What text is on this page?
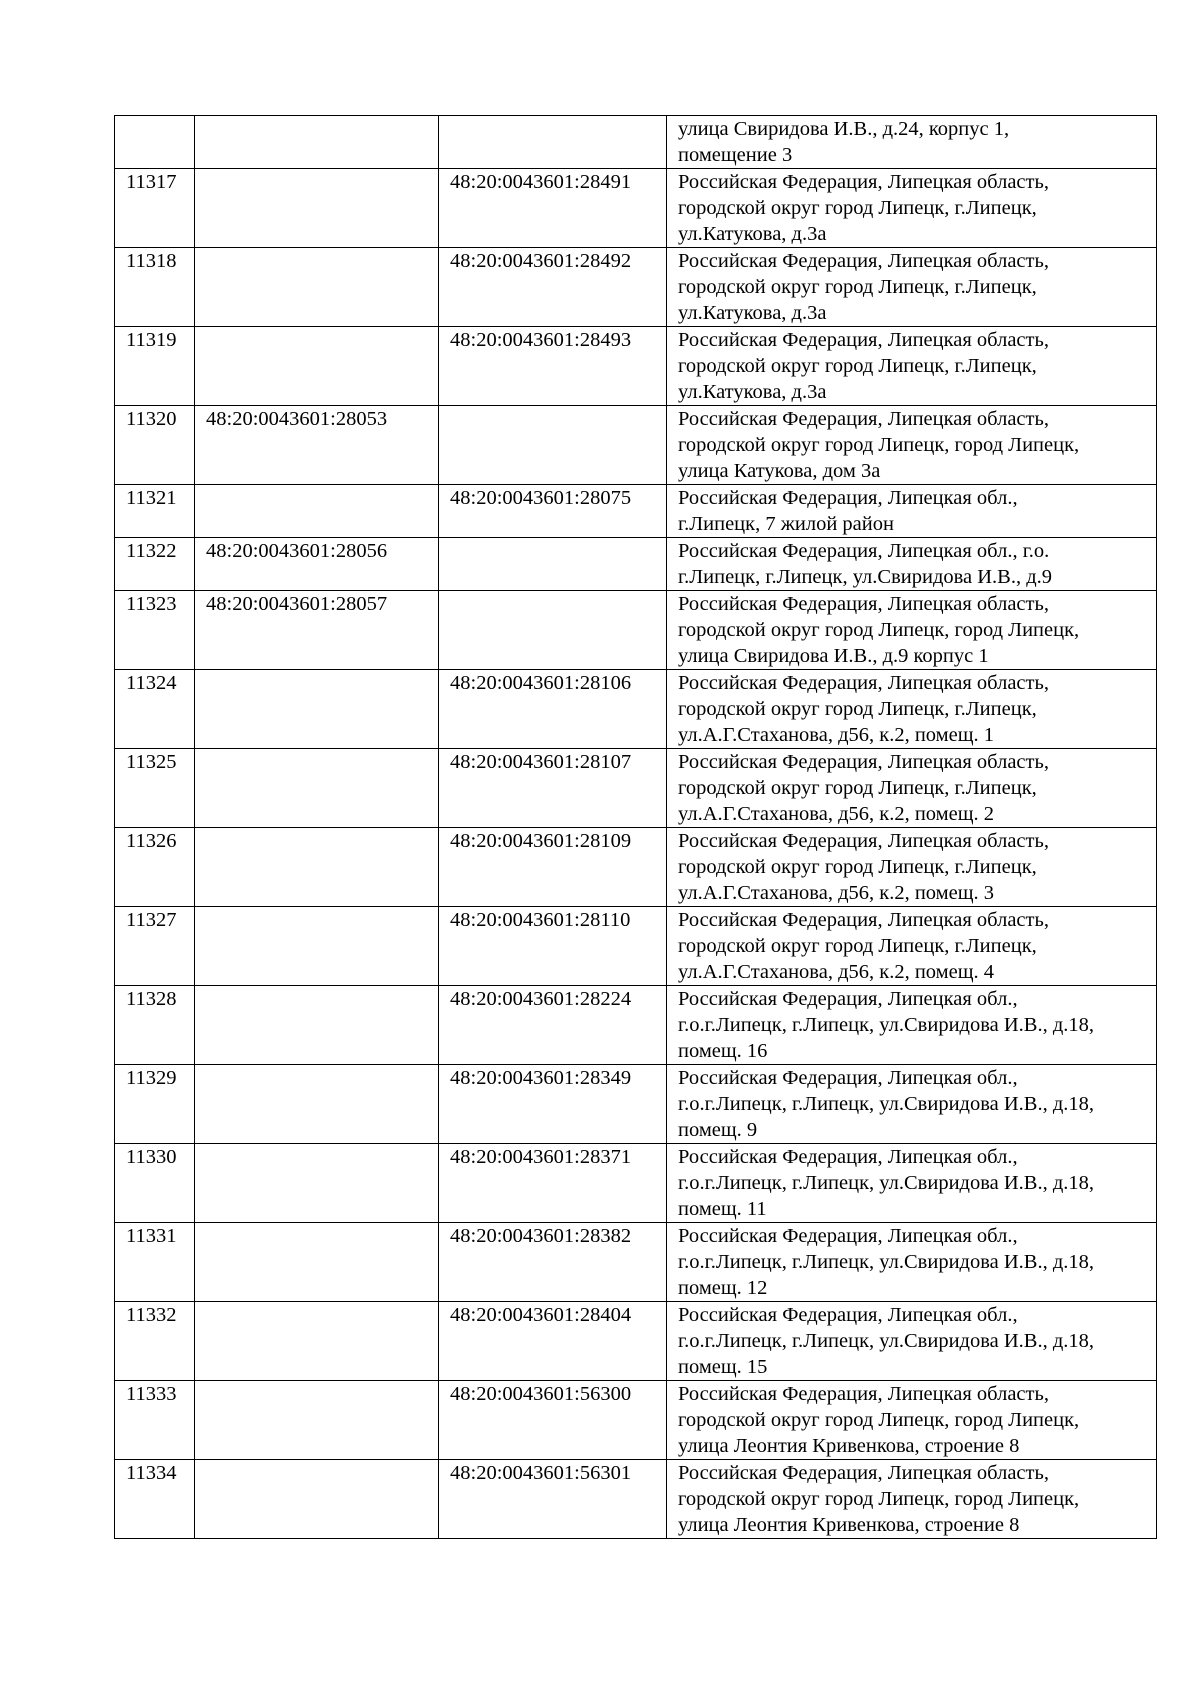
			улица Свиридова И.В., д.24, корпус 1,
помещение 3
11317		48:20:0043601:28491	Российская Федерация, Липецкая область,
городской округ город Липецк, г.Липецк,
ул.Катукова, д.3а
11318		48:20:0043601:28492	Российская Федерация, Липецкая область,
городской округ город Липецк, г.Липецк,
ул.Катукова, д.3а
11319		48:20:0043601:28493	Российская Федерация, Липецкая область,
городской округ город Липецк, г.Липецк,
ул.Катукова, д.3а
11320	48:20:0043601:28053		Российская Федерация, Липецкая область,
городской округ город Липецк, город Липецк,
улица Катукова, дом 3а
11321		48:20:0043601:28075	Российская Федерация, Липецкая обл.,
г.Липецк, 7 жилой район
11322	48:20:0043601:28056		Российская Федерация, Липецкая обл., г.о.
г.Липецк, г.Липецк, ул.Свиридова И.В., д.9
11323	48:20:0043601:28057		Российская Федерация, Липецкая область,
городской округ город Липецк, город Липецк,
улица Свиридова И.В., д.9 корпус 1
11324		48:20:0043601:28106	Российская Федерация, Липецкая область,
городской округ город Липецк, г.Липецк,
ул.А.Г.Стаханова, д56, к.2, помещ. 1
11325		48:20:0043601:28107	Российская Федерация, Липецкая область,
городской округ город Липецк, г.Липецк,
ул.А.Г.Стаханова, д56, к.2, помещ. 2
11326		48:20:0043601:28109	Российская Федерация, Липецкая область,
городской округ город Липецк, г.Липецк,
ул.А.Г.Стаханова, д56, к.2, помещ. 3
11327		48:20:0043601:28110	Российская Федерация, Липецкая область,
городской округ город Липецк, г.Липецк,
ул.А.Г.Стаханова, д56, к.2, помещ. 4
11328		48:20:0043601:28224	Российская Федерация, Липецкая обл.,
г.о.г.Липецк, г.Липецк, ул.Свиридова И.В., д.18,
помещ. 16
11329		48:20:0043601:28349	Российская Федерация, Липецкая обл.,
г.о.г.Липецк, г.Липецк, ул.Свиридова И.В., д.18,
помещ. 9
11330		48:20:0043601:28371	Российская Федерация, Липецкая обл.,
г.о.г.Липецк, г.Липецк, ул.Свиридова И.В., д.18,
помещ. 11
11331		48:20:0043601:28382	Российская Федерация, Липецкая обл.,
г.о.г.Липецк, г.Липецк, ул.Свиридова И.В., д.18,
помещ. 12
11332		48:20:0043601:28404	Российская Федерация, Липецкая обл.,
г.о.г.Липецк, г.Липецк, ул.Свиридова И.В., д.18,
помещ. 15
11333		48:20:0043601:56300	Российская Федерация, Липецкая область,
городской округ город Липецк, город Липецк,
улица Леонтия Кривенкова, строение 8
11334		48:20:0043601:56301	Российская Федерация, Липецкая область,
городской округ город Липецк, город Липецк,
улица Леонтия Кривенкова, строение 8
